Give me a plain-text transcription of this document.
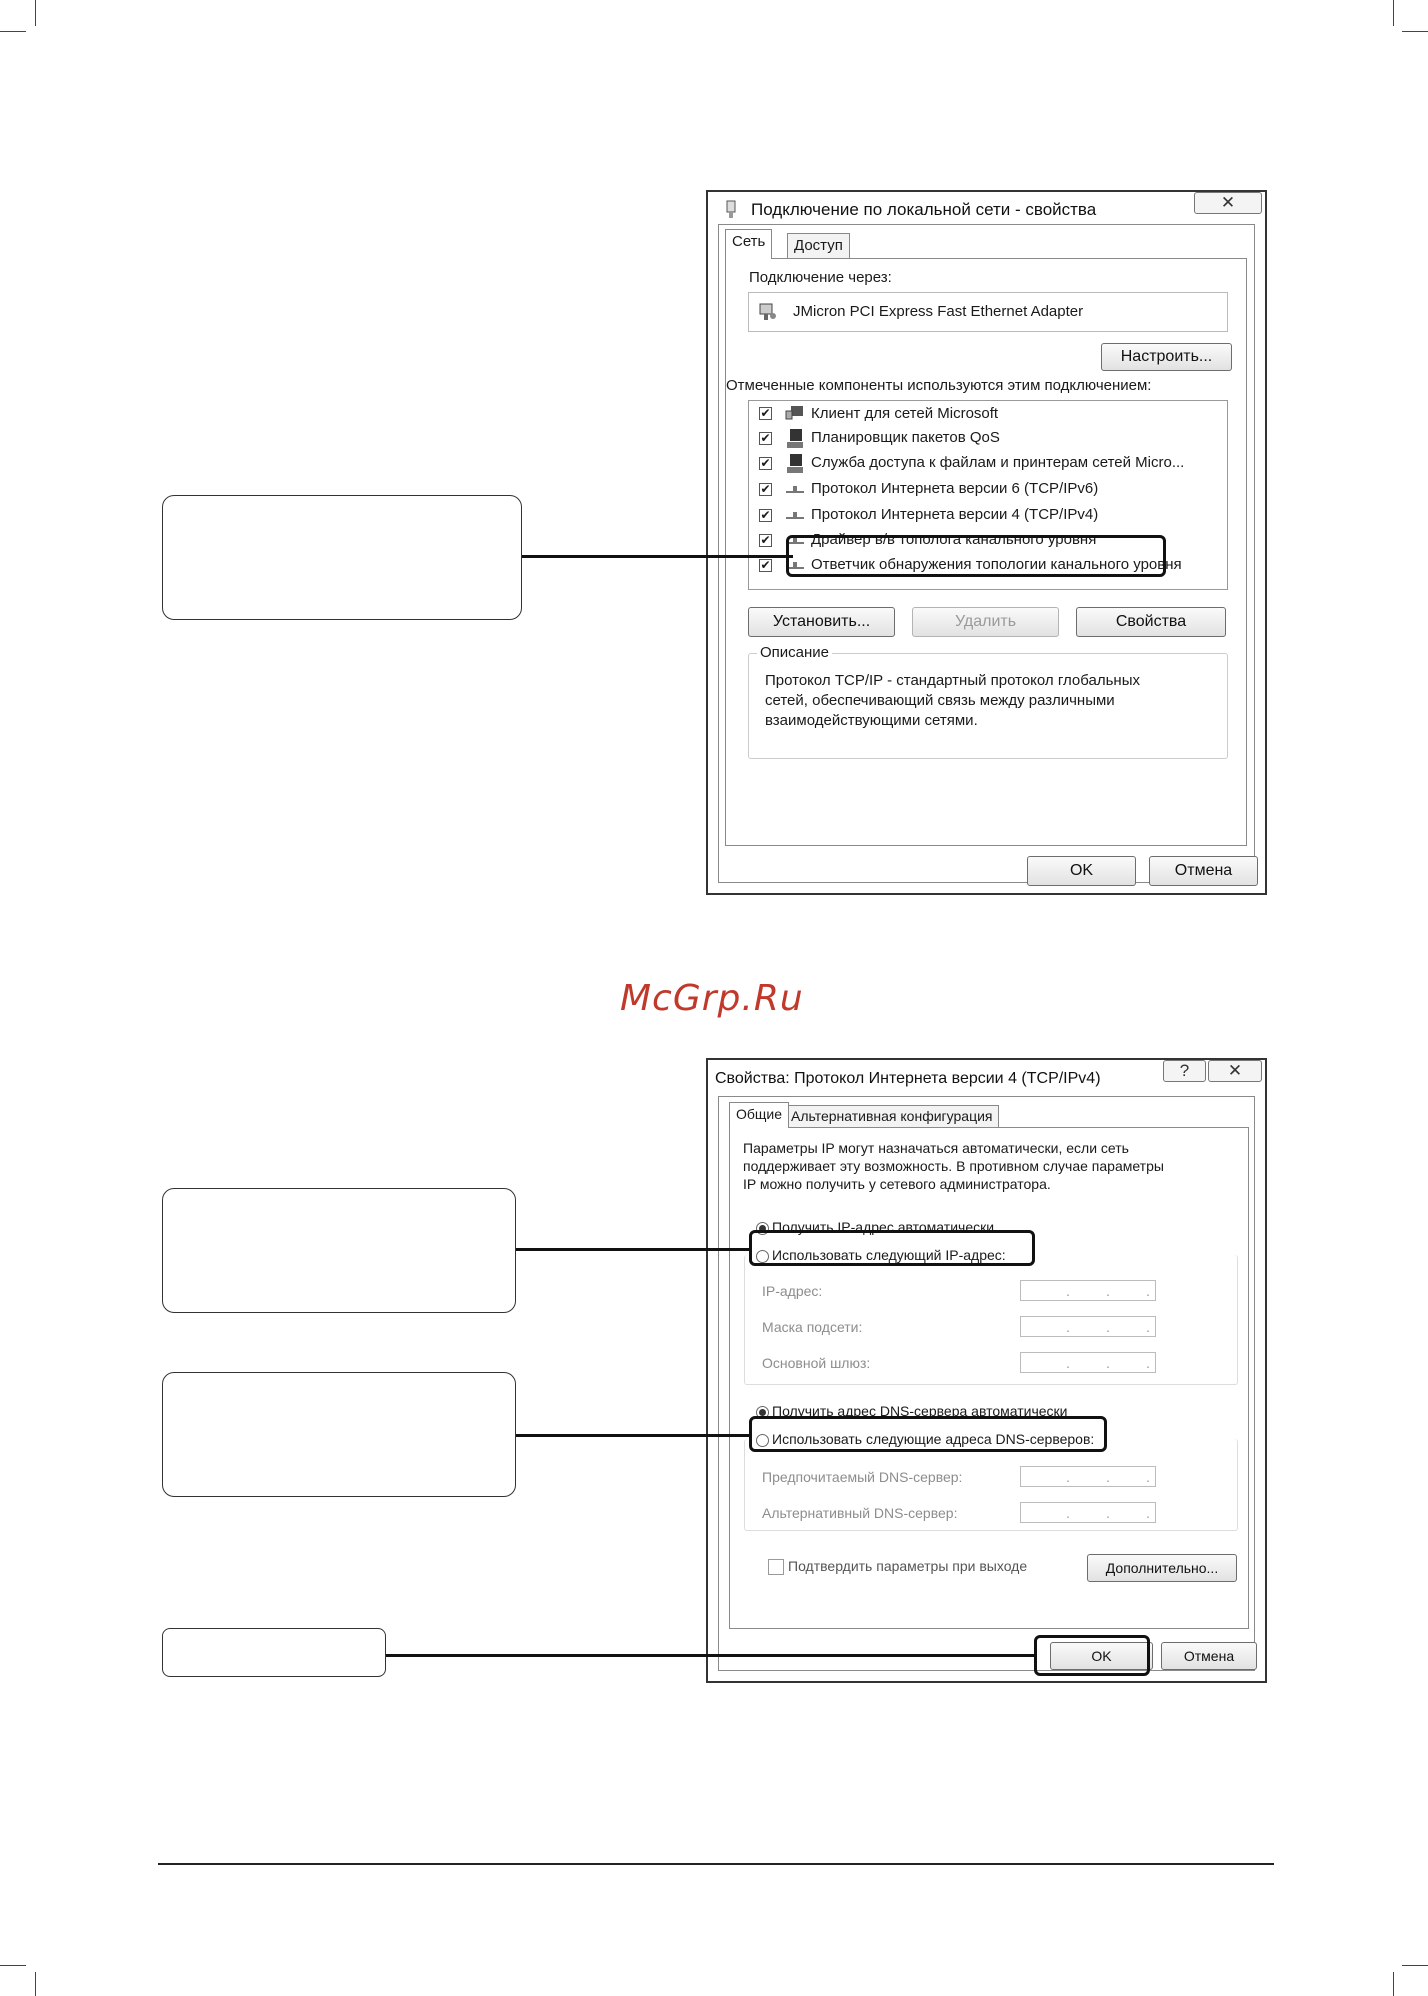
Подключение по локальной сети - свойства	✕
Сеть	Доступ
Подключение через:
JMicron PCI Express Fast Ethernet Adapter
Настроить...
Отмеченные компоненты используются этим подключением:
✔	Клиент для сетей Microsoft
✔	Планировщик пакетов QoS
✔	Служба доступа к файлам и принтерам сетей Micro...
✔	Протокол Интернета версии 6 (TCP/IPv6)
✔	Протокол Интернета версии 4 (TCP/IPv4)
✔	Драйвер в/в тополога канального уровня
✔	Ответчик обнаружения топологии канального уровня
Установить...	Удалить	Свойства
Описание
Протокол TCP/IP - стандартный протокол глобальных
сетей, обеспечивающий связь между различными
взаимодействующими сетями.
OK	Отмена
McGrp.Ru
Свойства: Протокол Интернета версии 4 (TCP/IPv4)	?	✕
Общие Альтернативная конфигурация
Параметры IP могут назначаться автоматически, если сеть
поддерживает эту возможность. В противном случае параметры
IP можно получить у сетевого администратора.
Получить IP-адрес автоматически
Использовать следующий IP-адрес:
IP-адрес:	.	.	.
Маска подсети:	.	.	.
Основной шлюз:	.	.	.
Получить адрес DNS-сервера автоматически
Использовать следующие адреса DNS-серверов:
Предпочитаемый DNS-сервер:	.	.	.
Альтернативный DNS-сервер:	.	.	.
Подтвердить параметры при выходе	Дополнительно...
OK	Отмена
